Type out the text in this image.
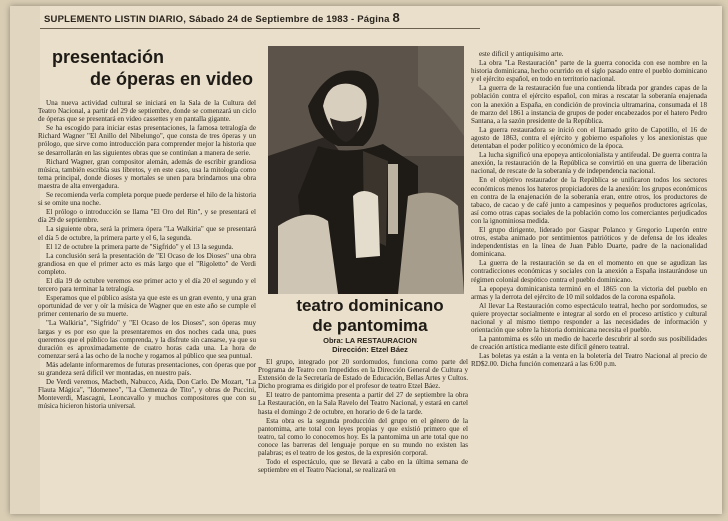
SUPLEMENTO LISTIN DIARIO, Sábado 24 de Septiembre de 1983 - Página 8
presentación
de óperas en video

Una nueva actividad cultural se iniciará en la Sala de la Cultura del Teatro Nacional, a partir del 29 de septiembre, donde se comenzará un ciclo de óperas que se presentará en video cassettes y en pantalla gigante.

Se ha escogido para iniciar estas presentaciones, la famosa tetralogía de Richard Wagner "El Anillo del Nibelungo", que consta de tres óperas y un prólogo, que sirve como introducción para comprender mejor la historia que se desarrollarán en las siguientes obras que se continúan a manera de serie.

Richard Wagner, gran compositor alemán, además de escribir grandiosa música, también escribía sus libretos, y en este caso, usa la mitología como tema principal, donde dioses y mortales se unen para brindarnos una obra maestra de alta envergadura.

Se recomienda verla completa porque puede perderse el hilo de la historia si se omite una noche.

El prólogo o introducción se llama "El Oro del Rin", y se presentará el día 29 de septiembre.

La siguiente obra, será la primera ópera "La Walkiria" que se presentará el día 5 de octubre, la primera parte y el 6, la segunda.

El 12 de octubre la primera parte de "Sigfrido" y el 13 la segunda.

La conclusión será la presentación de "El Ocaso de los Dioses" una obra grandiosa en que el primer acto es más largo que el "Rigoletto" de Verdi completo.

El día 19 de octubre veremos ese primer acto y el día 20 el segundo y el tercero para terminar la tetralogía.

Esperamos que el público asista ya que este es un gran evento, y una gran oportunidad de ver y oír la música de Wagner que en este año se cumple el primer centenario de su muerte.

"La Walkiria", "Sigfrido" y "El Ocaso de los Dioses", son óperas muy largas y es por eso que la presentaremos en dos noches cada una, pues queremos que el público las comprenda, y la disfrute sin cansarse, ya que su duración es aproximadamente de cuatro horas cada una. La hora de comenzar será a las ocho de la noche y rogamos al público que sea puntual.

Más adelante informaremos de futuras presentaciones, con óperas que por su grandeza será difícil ver montadas, en nuestro país.

De Verdi veremos, Macbeth, Nabucco, Aida, Don Carlo. De Mozart, "La Flauta Mágica", "Idomeneo", "La Clemenza de Tito", y obras de Puccini, Monteverdi, Mascagni, Leoncavallo y muchos compositores que con su música hicieron historia universal.

teatro dominicano
de pantomima
Obra: LA RESTAURACION
Dirección: Etzel Báez

El grupo, integrado por 20 sordomudos, funciona como parte del Programa de Teatro con Impedidos en la Dirección General de Cultura y Extensión de la Secretaría de Estado de Educación, Bellas Artes y Cultos. Dicho programa es dirigido por el profesor de teatro Etzel Báez.

El teatro de pantomima presenta a partir del 27 de septiembre la obra La Restauración, en la Sala Ravelo del Teatro Nacional, y estará en cartel hasta el domingo 2 de octubre, en horario de 6 de la tarde.

Esta obra es la segunda producción del grupo en el género de la pantomima, arte total con leyes propias y que existió primero que el teatro, tal como lo conocemos hoy. Es la pantomima un arte total que no conoce las barreras del lenguaje porque en su mundo no existen las palabras; es el teatro de los gestos, de la expresión corporal.

Todo el espectáculo, que se llevará a cabo en la última semana de septiembre en el Teatro Nacional, se realizará en

este difícil y antiquísimo arte.

La obra "La Restauración" parte de la guerra conocida con ese nombre en la historia dominicana, hecho ocurrido en el siglo pasado entre el pueblo dominicano y el ejército español, en todo en territorio nacional.

La guerra de la restauración fue una contienda librada por grandes capas de la población contra el ejército español, con miras a rescatar la soberanía enajenada con la anexión a España, en condición de provincia ultramarina, consumada el 18 de marzo del 1861 a instancia de grupos de poder encabezados por el hatero Pedro Santana, a la sazón presidente de la República.

La guerra restauradora se inició con el llamado grito de Capotillo, el 16 de agosto de 1863, contra el ejército y gobierno españoles y los anexionistas que detentaban el poder político y económico de la época.

La lucha significó una epopeya anticolonialista y antifeudal. De guerra contra la anexión, la restauración de la República se convirtió en una guerra de liberación nacional, de rescate de la soberanía y de independencia nacional.

En el objetivo restaurador de la República se unificaron todos los sectores económicos menos los hateros propiciadores de la anexión: los grupos económicos en contra de la enajenación de la soberanía eran, entre otros, los productores de tabaco, de cacao y de café junto a campesinos y pequeños productores agrícolas, así como otras capas sociales de la población como los comerciantes perjudicados con la ignominiosa medida.

El grupo dirigente, liderado por Gaspar Polanco y Gregorio Luperón entre otros, estaba animado por sentimientos patrióticos y de defensa de los ideales independentistas en la línea de Juan Pablo Duarte, padre de la nacionalidad dominicana.

La guerra de la restauración se da en el momento en que se agudizan las contradicciones económicas y sociales con la anexión a España instaurándose un régimen colonial despótico contra el pueblo dominicano.

La epopeya dominicanista terminó en el 1865 con la victoria del pueblo en armas y la derrota del ejército de 10 mil soldados de la corona española.

Al llevar La Restauración como espectáculo teatral, hecho por sordomudos, se quiere proyectar socialmente e integrar al sordo en el proceso artístico y cultural nacional y al mismo tiempo responder a las necesidades de información y orientación que sobre la historia dominicana necesita el pueblo.

La pantomima es sólo un medio de hacerle descubrir al sordo sus posibilidades de creación artística mediante este difícil género teatral.

Las boletas ya están a la venta en la boletería del Teatro Nacional al precio de RD$2.00. Dicha función comenzará a las 6:00 p.m.
